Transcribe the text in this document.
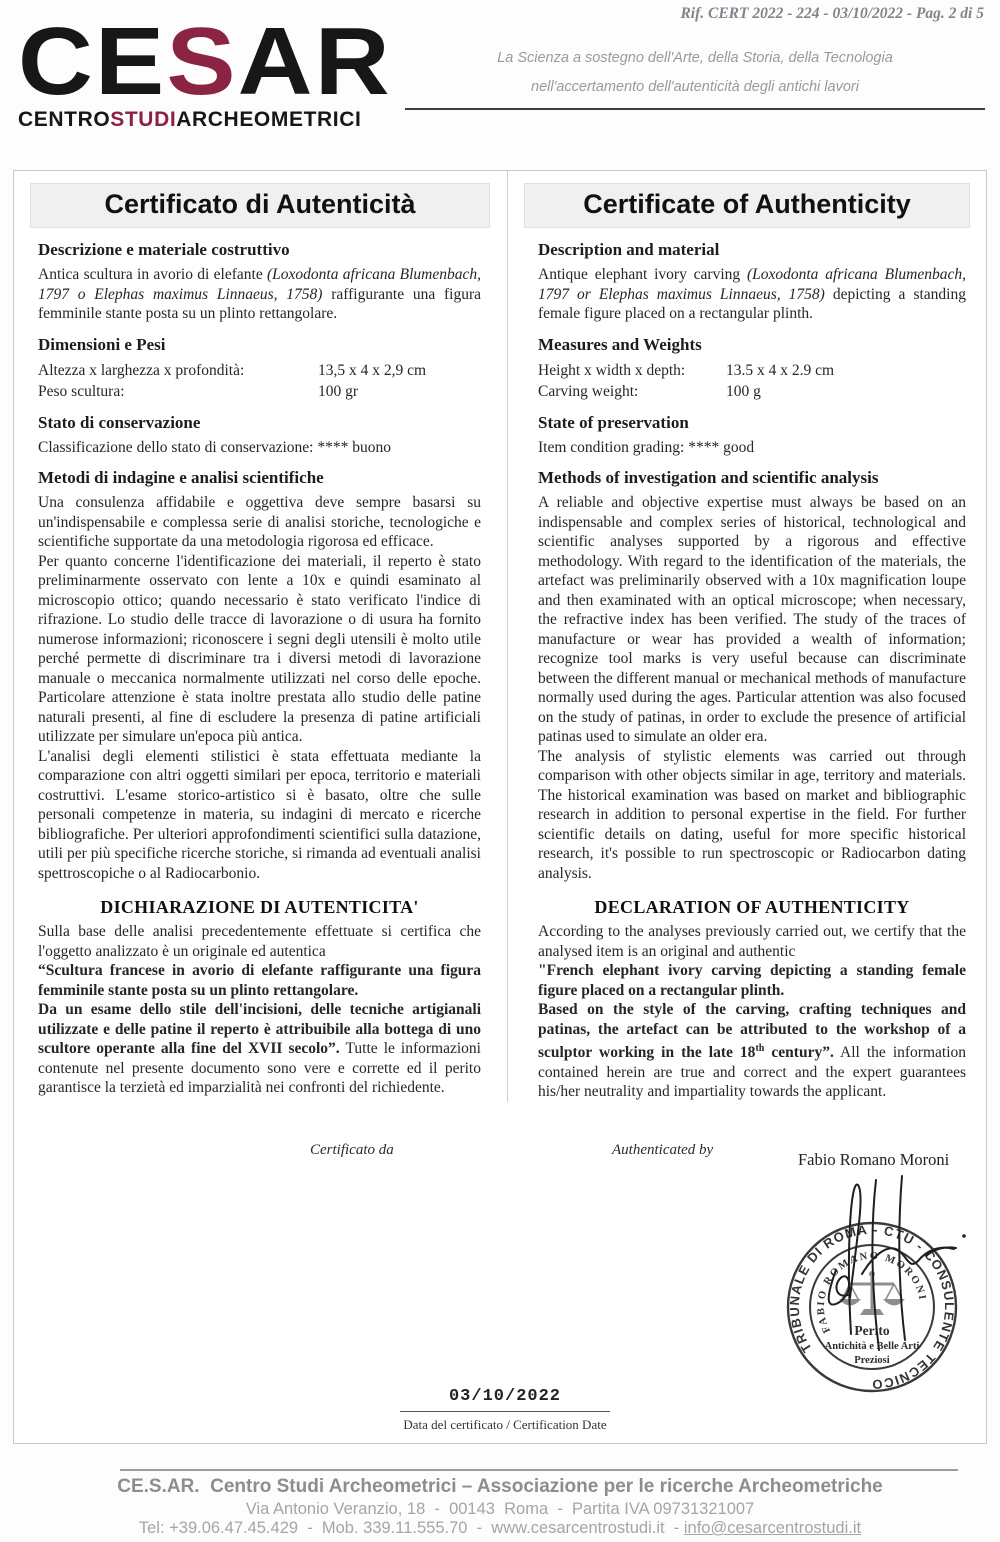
Rif. CERT 2022 - 224 - 03/10/2022 - Pag. 2 di 5
CESAR
CENTROSTUDIARCHEOMETRICI
La Scienza a sostegno dell'Arte, della Storia, della Tecnologia
nell'accertamento dell'autenticità degli antichi lavori
Certificato di Autenticità
Descrizione e materiale costruttivo

Antica scultura in avorio di elefante (Loxodonta africana Blumenbach, 1797 o Elephas maximus Linnaeus, 1758) raffigurante una figura femminile stante posta su un plinto rettangolare.

Dimensioni e Pesi
Altezza x larghezza x profondità:	13,5 x 4 x 2,9 cm
Peso scultura:	100 gr
Stato di conservazione

Classificazione dello stato di conservazione: **** buono

Metodi di indagine e analisi scientifiche

Una consulenza affidabile e oggettiva deve sempre basarsi su un'indispensabile e complessa serie di analisi storiche, tecnologiche e scientifiche supportate da una metodologia rigorosa ed efficace.

Per quanto concerne l'identificazione dei materiali, il reperto è stato preliminarmente osservato con lente a 10x e quindi esaminato al microscopio ottico; quando necessario è stato verificato l'indice di rifrazione. Lo studio delle tracce di lavorazione o di usura ha fornito numerose informazioni; riconoscere i segni degli utensili è molto utile perché permette di discriminare tra i diversi metodi di lavorazione manuale o meccanica normalmente utilizzati nel corso delle epoche. Particolare attenzione è stata inoltre prestata allo studio delle patine naturali presenti, al fine di escludere la presenza di patine artificiali utilizzate per simulare un'epoca più antica.

L'analisi degli elementi stilistici è stata effettuata mediante la comparazione con altri oggetti similari per epoca, territorio e materiali costruttivi. L'esame storico-artistico si è basato, oltre che sulle personali competenze in materia, su indagini di mercato e ricerche bibliografiche. Per ulteriori approfondimenti scientifici sulla datazione, utili per più specifiche ricerche storiche, si rimanda ad eventuali analisi spettroscopiche o al Radiocarbonio.

DICHIARAZIONE DI AUTENTICITA'

Sulla base delle analisi precedentemente effettuate si certifica che l'oggetto analizzato è un originale ed autentica

“Scultura francese in avorio di elefante raffigurante una figura femminile stante posta su un plinto rettangolare.

Da un esame dello stile dell'incisioni, delle tecniche artigianali utilizzate e delle patine il reperto è attribuibile alla bottega di uno scultore operante alla fine del XVII secolo”. Tutte le informazioni contenute nel presente documento sono vere e corrette ed il perito garantisce la terzietà ed imparzialità nei confronti del richiedente.

Certificate of Authenticity
Description and material

Antique elephant ivory carving (Loxodonta africana Blumenbach, 1797 or Elephas maximus Linnaeus, 1758) depicting a standing female figure placed on a rectangular plinth.

Measures and Weights
Height x width x depth:	13.5 x 4 x 2.9 cm
Carving weight:	100 g
State of preservation

Item condition grading: **** good

Methods of investigation and scientific analysis

A reliable and objective expertise must always be based on an indispensable and complex series of historical, technological and scientific analyses supported by a rigorous and effective methodology. With regard to the identification of the materials, the artefact was preliminarily observed with a 10x magnification loupe and then examinated with an optical microscope; when necessary, the refractive index has been verified. The study of the traces of manufacture or wear has provided a wealth of information; recognize tool marks is very useful because can discriminate between the different manual or mechanical methods of manufacture normally used during the ages. Particular attention was also focused on the study of patinas, in order to exclude the presence of artificial patinas used to simulate an older era.

The analysis of stylistic elements was carried out through comparison with other objects similar in age, territory and materials. The historical examination was based on market and bibliographic research in addition to personal expertise in the field. For further scientific details on dating, useful for more specific historical research, it's possible to run spectroscopic or Radiocarbon dating analysis.

DECLARATION OF AUTHENTICITY

According to the analyses previously carried out, we certify that the analysed item is an original and authentic

"French elephant ivory carving depicting a standing female figure placed on a rectangular plinth.

Based on the style of the carving, crafting techniques and patinas, the artefact can be attributed to the workshop of a sculptor working in the late 18th century”. All the information contained herein are true and correct and the expert guarantees his/her neutrality and impartiality towards the applicant.

Certificato da	Authenticated by	Fabio Romano Moroni
TRIBUNALE DI ROMA - CTU - CONSULENTE TECNICO
FABIO ROMANO MORONI
Perito
Antichità e Belle Arti
Preziosi
03/10/2022
Data del certificato / Certification Date
CE.S.AR.  Centro Studi Archeometrici – Associazione per le ricerche Archeometriche
Via Antonio Veranzio, 18  -  00143  Roma  -  Partita IVA 09731321007
Tel: +39.06.47.45.429  -  Mob. 339.11.555.70  -  www.cesarcentrostudi.it  - info@cesarcentrostudi.it
